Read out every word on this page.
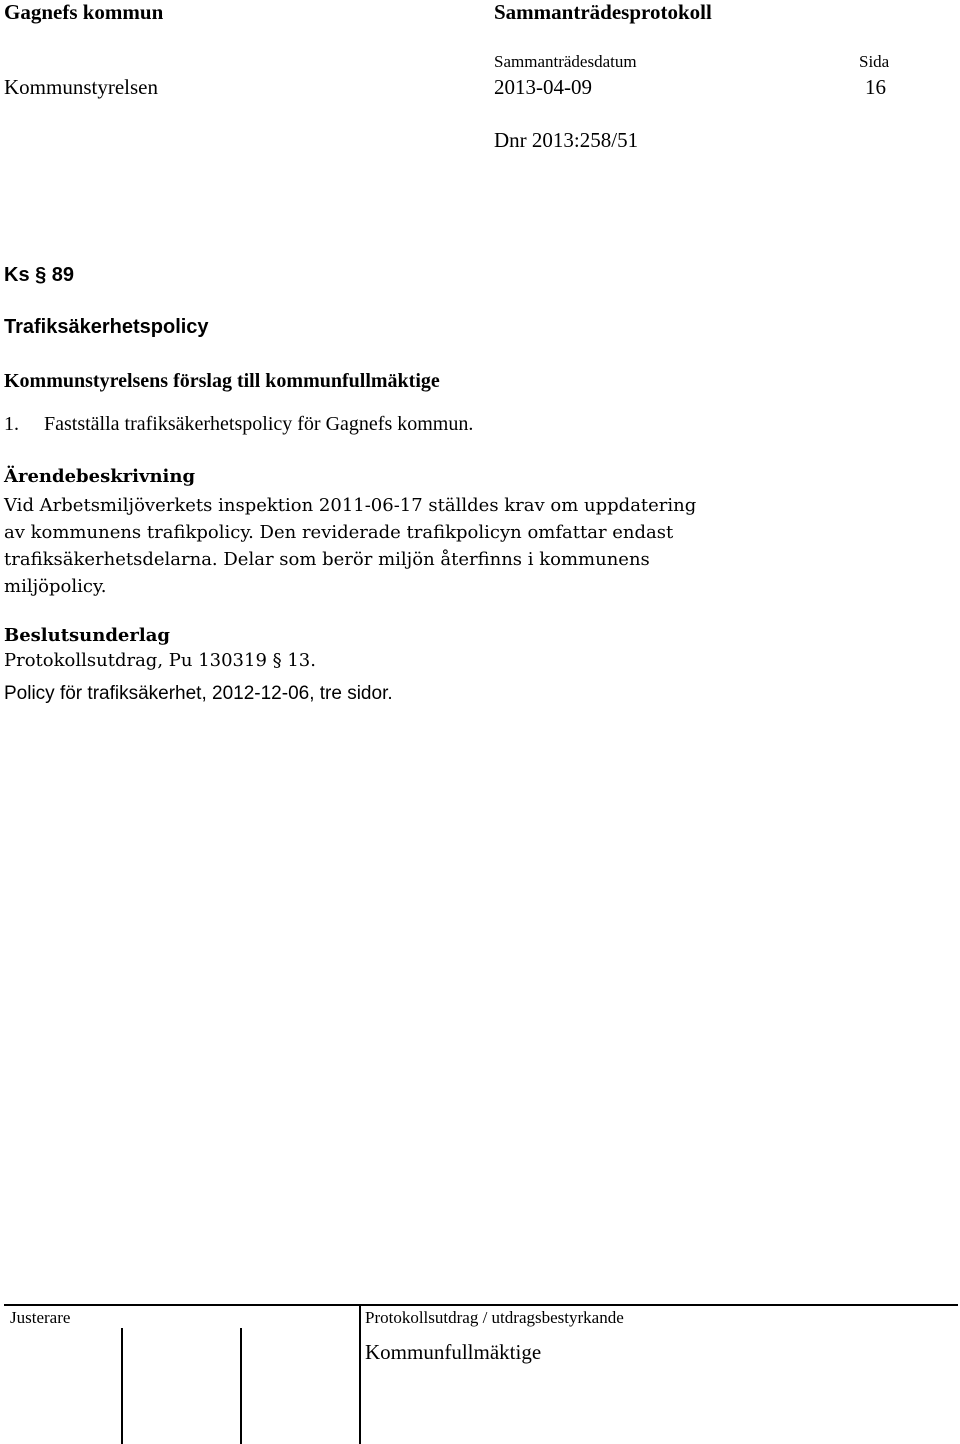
Gagnefs kommun	Sammanträdesprotokoll
Sammanträdesdatum	Sida
Kommunstyrelsen	2013-04-09	16
Dnr 2013:258/51
Ks § 89
Trafiksäkerhetspolicy
Kommunstyrelsens förslag till kommunfullmäktige
1. Fastställa trafiksäkerhetspolicy för Gagnefs kommun.
Ärendebeskrivning
Vid Arbetsmiljöverkets inspektion 2011-06-17 ställdes krav om uppdatering
av kommunens trafikpolicy. Den reviderade trafikpolicyn omfattar endast
trafiksäkerhetsdelarna. Delar som berör miljön återfinns i kommunens
miljöpolicy.
Beslutsunderlag
Protokollsutdrag, Pu 130319 § 13.
Policy för trafiksäkerhet, 2012-12-06, tre sidor.
Justerare	Protokollsutdrag / utdragsbestyrkande
Kommunfullmäktige
